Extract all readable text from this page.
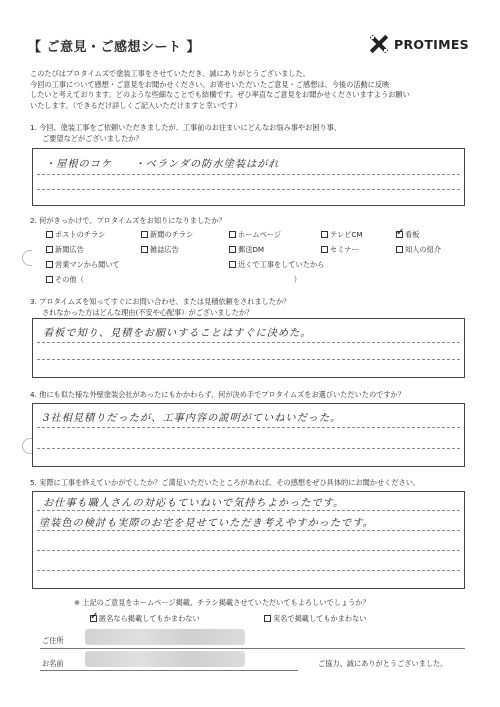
【 ご意見・ご感想シート 】	PROTIMES
このたびはプロタイムズで塗装工事をさせていただき、誠にありがとうございました。
今回の工事について感想・ご意見をお聞かせください。お寄せいただいたご意見・ご感想は、今後の活動に反映
したいと考えております。どのような些細なことでも結構です。ぜひ率直なご意見をお聞かせくださいますようお願い
いたします。（できるだけ詳しくご記入いただけますと幸いです）
1. 今回、塗装工事をご依頼いただきましたが、工事前のお住まいにどんなお悩み事やお困り事、
ご要望などがございましたか？
・屋根のコケ　　・ベランダの防水塗装はがれ
2. 何がきっかけで、プロタイムズをお知りになりましたか？
ポストのチラシ	新聞のチラシ	ホームページ	テレビCM
✓	看板
新聞広告	雑誌広告	郵送DM	セミナー	知人の紹介
営業マンから聞いて	近くで工事をしていたから
その他（	）
3. プロタイムズを知ってすぐにお問い合わせ、または見積依頼をされましたか？
されなかった方はどんな理由(不安や心配事）がございましたか？
看板で知り、見積をお願いすることはすぐに決めた。
4. 他にも似た様な外壁塗装会社があったにもかかわらず、何が決め手でプロタイムズをお選びいただいたのですか？
3社相見積りだったが、工事内容の説明がていねいだった。
5. 実際に工事を終えていかがでしたか？ご満足いただいたところがあれば、その感想をぜひ具体的にお聞かせください。
お仕事も職人さんの対応もていねいで気持ちよかったです。
塗装色の検討も実際のお宅を見せていただき考えやすかったです。
※ 上記のご意見をホームページ掲載、チラシ掲載させていただいてもよろしいでしょうか？
✓匿名なら掲載してもかまわない	実名で掲載してもかまわない
ご住所
お名前	ご協力、誠にありがとうございました。
